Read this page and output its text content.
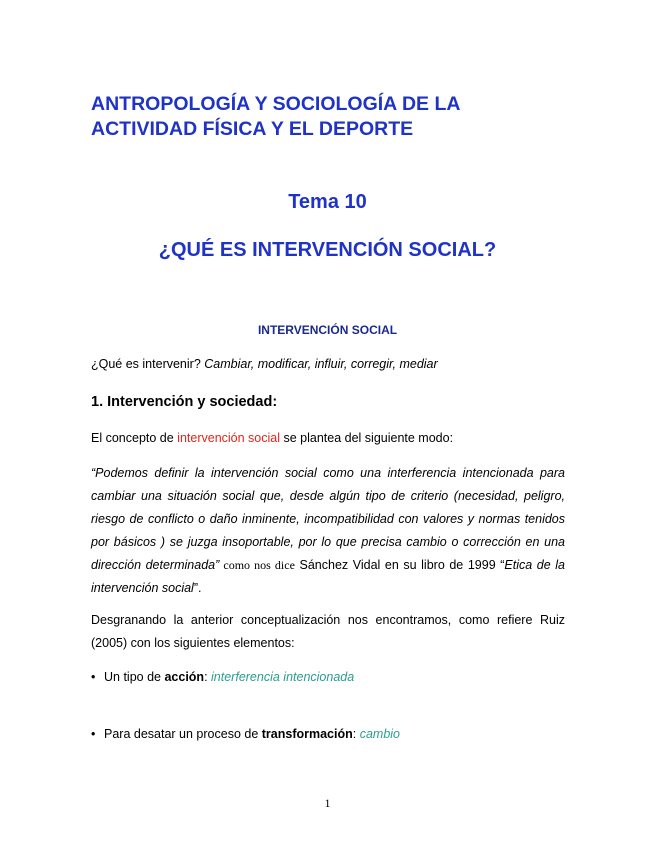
ANTROPOLOGÍA Y SOCIOLOGÍA DE LA
ACTIVIDAD FÍSICA Y EL DEPORTE
Tema 10
¿QUÉ ES INTERVENCIÓN SOCIAL?
INTERVENCIÓN SOCIAL

¿Qué es intervenir? Cambiar, modificar, influir, corregir, mediar

1. Intervención y sociedad:

El concepto de intervención social se plantea del siguiente modo:

“Podemos definir la intervención social como una interferencia intencionada para cambiar una situación social que, desde algún tipo de criterio (necesidad, peligro, riesgo de conflicto o daño inminente, incompatibilidad con valores y normas tenidos por básicos ) se juzga insoportable, por lo que precisa cambio o corrección en una dirección determinada” como nos dice Sánchez Vidal en su libro de 1999 “Etica de la intervención social”.

Desgranando la anterior conceptualización nos encontramos, como refiere Ruiz (2005) con los siguientes elementos:

• Un tipo de acción: interferencia intencionada

• Para desatar un proceso de transformación: cambio

1
